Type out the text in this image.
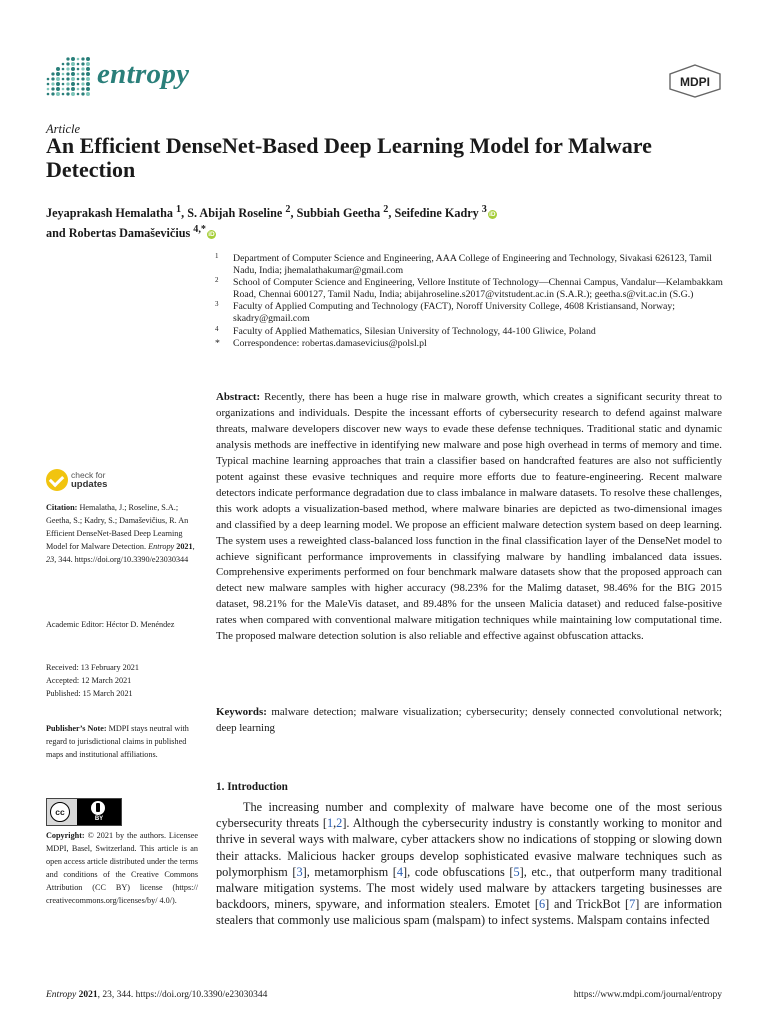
entropy	MDPI
Article
An Efficient DenseNet-Based Deep Learning Model for Malware Detection
Jeyaprakash Hemalatha $^1$, S. Abijah Roseline $^2$, Subbiah Geetha $^2$, Seifedine Kadry $^3$ iD
and Robertas Damaševičius $^{4,*}$ iD
1 Department of Computer Science and Engineering, AAA College of Engineering and Technology, Sivakasi 626123, Tamil Nadu, India; jhemalathakumar@gmail.com
2 School of Computer Science and Engineering, Vellore Institute of Technology—Chennai Campus, Vandalur—Kelambakkam Road, Chennai 600127, Tamil Nadu, India; abijahroseline.s2017@vitstudent.ac.in (S.A.R.); geetha.s@vit.ac.in (S.G.)
3 Faculty of Applied Computing and Technology (FACT), Noroff University College, 4608 Kristiansand, Norway; skadry@gmail.com
4 Faculty of Applied Mathematics, Silesian University of Technology, 44-100 Gliwice, Poland
* Correspondence: robertas.damasevicius@polsl.pl
Abstract: Recently, there has been a huge rise in malware growth, which creates a significant security threat to organizations and individuals. Despite the incessant efforts of cybersecurity research to defend against malware threats, malware developers discover new ways to evade these defense techniques. Traditional static and dynamic analysis methods are ineffective in identifying new malware and pose high overhead in terms of memory and time. Typical machine learning approaches that train a classifier based on handcrafted features are also not sufficiently potent against these evasive techniques and require more efforts due to feature-engineering. Recent malware detectors indicate performance degradation due to class imbalance in malware datasets. To resolve these challenges, this work adopts a visualization-based method, where malware binaries are depicted as two-dimensional images and classified by a deep learning model. We propose an efficient malware detection system based on deep learning. The system uses a reweighted class-balanced loss function in the final classification layer of the DenseNet model to achieve significant performance improvements in classifying malware by handling imbalanced data issues. Comprehensive experiments performed on four benchmark malware datasets show that the proposed approach can detect new malware samples with higher accuracy (98.23% for the Malimg dataset, 98.46% for the BIG 2015 dataset, 98.21% for the MaleVis dataset, and 89.48% for the unseen Malicia dataset) and reduced false-positive rates when compared with conventional malware mitigation techniques while maintaining low computational time. The proposed malware detection solution is also reliable and effective against obfuscation attacks.
Keywords: malware detection; malware visualization; cybersecurity; densely connected convolutional network; deep learning
check for
updates
Citation: Hemalatha, J.; Roseline, S.A.; Geetha, S.; Kadry, S.; Damaševičius, R. An Efficient DenseNet-Based Deep Learning Model for Malware Detection. Entropy 2021, 23, 344. https://doi.org/10.3390/e23030344
Academic Editor: Héctor D. Menéndez
Received: 13 February 2021
Accepted: 12 March 2021
Published: 15 March 2021
Publisher’s Note: MDPI stays neutral with regard to jurisdictional claims in published maps and institutional affiliations.
cc
BY
Copyright: © 2021 by the authors. Licensee MDPI, Basel, Switzerland. This article is an open access article distributed under the terms and conditions of the Creative Commons Attribution (CC BY) license (https:// creativecommons.org/licenses/by/ 4.0/).
1. Introduction
The increasing number and complexity of malware have become one of the most serious cybersecurity threats [1,2]. Although the cybersecurity industry is constantly working to monitor and thrive in several ways with malware, cyber attackers show no indications of stopping or slowing down their attacks. Malicious hacker groups develop sophisticated evasive malware techniques such as polymorphism [3], metamorphism [4], code obfuscations [5], etc., that outperform many traditional malware mitigation systems. The most widely used malware by attackers targeting businesses are backdoors, miners, spyware, and information stealers. Emotet [6] and TrickBot [7] are information stealers that commonly use malicious spam (malspam) to infect systems. Malspam contains infected
Entropy 2021, 23, 344. https://doi.org/10.3390/e23030344	https://www.mdpi.com/journal/entropy
